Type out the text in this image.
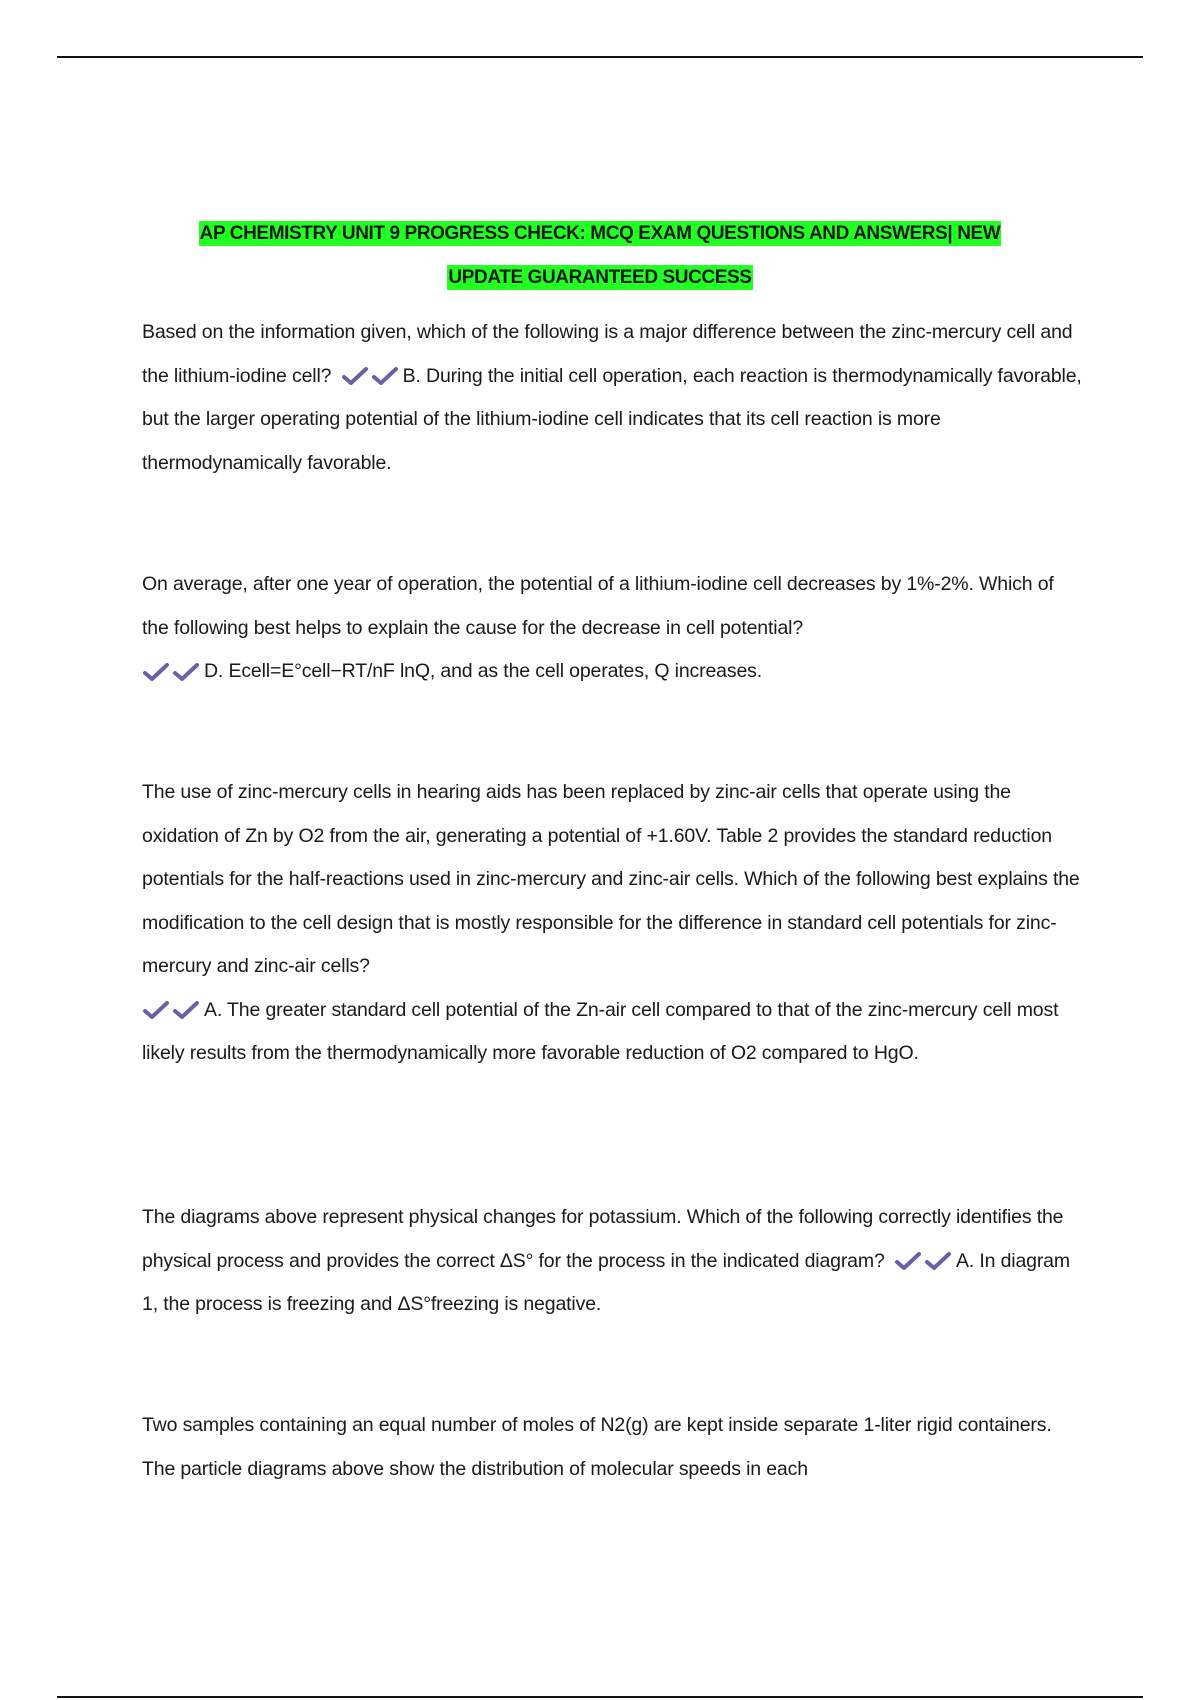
AP CHEMISTRY UNIT 9 PROGRESS CHECK: MCQ EXAM QUESTIONS AND ANSWERS| NEW
UPDATE GUARANTEED SUCCESS
Based on the information given, which of the following is a major difference between the zinc-mercury cell and the lithium-iodine cell?	B. During the initial cell operation, each reaction is thermodynamically favorable, but the larger operating potential of the lithium-iodine cell indicates that its cell reaction is more thermodynamically favorable.
On average, after one year of operation, the potential of a lithium-iodine cell decreases by 1%-2%. Which of the following best helps to explain the cause for the decrease in cell potential?
D. Ecell=E°cell−RT/nF lnQ, and as the cell operates, Q increases.
The use of zinc-mercury cells in hearing aids has been replaced by zinc-air cells that operate using the oxidation of Zn by O2 from the air, generating a potential of +1.60V. Table 2 provides the standard reduction potentials for the half-reactions used in zinc-mercury and zinc-air cells. Which of the following best explains the modification to the cell design that is mostly responsible for the difference in standard cell potentials for zinc-mercury and zinc-air cells?
A. The greater standard cell potential of the Zn-air cell compared to that of the zinc-mercury cell most likely results from the thermodynamically more favorable reduction of O2 compared to HgO.
The diagrams above represent physical changes for potassium. Which of the following correctly identifies the physical process and provides the correct ΔS° for the process in the indicated diagram?	A. In diagram 1, the process is freezing and ΔS°freezing is negative.
Two samples containing an equal number of moles of N2(g) are kept inside separate 1-liter rigid containers. The particle diagrams above show the distribution of molecular speeds in each
